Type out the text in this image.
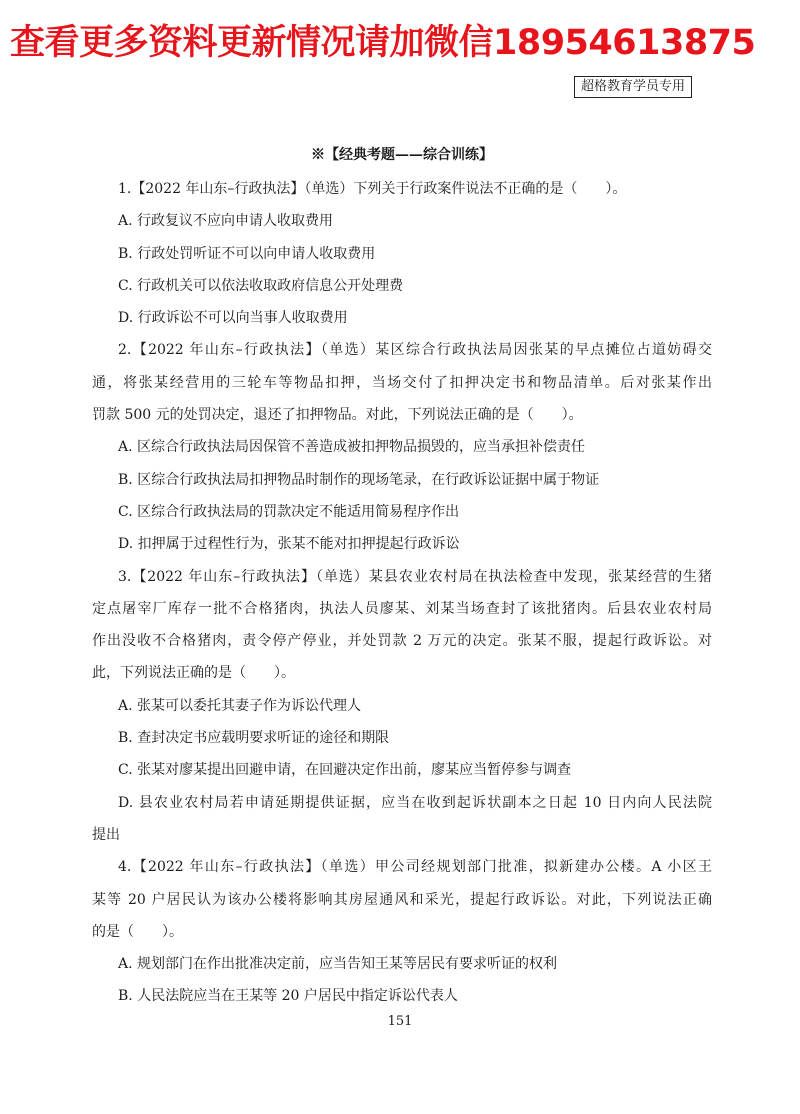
查看更多资料更新情况请加微信18954613875
超格教育学员专用

※【经典考题——综合训练】

1.【2022 年山东–行政执法】（单选）下列关于行政案件说法不正确的是（　　）。

A. 行政复议不应向申请人收取费用

B. 行政处罚听证不可以向申请人收取费用

C. 行政机关可以依法收取政府信息公开处理费

D. 行政诉讼不可以向当事人收取费用

2.【2022 年山东–行政执法】（单选）某区综合行政执法局因张某的早点摊位占道妨碍交

通，将张某经营用的三轮车等物品扣押，当场交付了扣押决定书和物品清单。后对张某作出

罚款 500 元的处罚决定，退还了扣押物品。对此，下列说法正确的是（　　）。

A. 区综合行政执法局因保管不善造成被扣押物品损毁的，应当承担补偿责任

B. 区综合行政执法局扣押物品时制作的现场笔录，在行政诉讼证据中属于物证

C. 区综合行政执法局的罚款决定不能适用简易程序作出

D. 扣押属于过程性行为，张某不能对扣押提起行政诉讼

3.【2022 年山东–行政执法】（单选）某县农业农村局在执法检查中发现，张某经营的生猪

定点屠宰厂库存一批不合格猪肉，执法人员廖某、刘某当场查封了该批猪肉。后县农业农村局

作出没收不合格猪肉，责令停产停业，并处罚款 2 万元的决定。张某不服，提起行政诉讼。对

此，下列说法正确的是（　　）。

A. 张某可以委托其妻子作为诉讼代理人

B. 查封决定书应载明要求听证的途径和期限

C. 张某对廖某提出回避申请，在回避决定作出前，廖某应当暂停参与调查

D. 县农业农村局若申请延期提供证据，应当在收到起诉状副本之日起 10 日内向人民法院

提出

4.【2022 年山东–行政执法】（单选）甲公司经规划部门批准，拟新建办公楼。A 小区王

某等 20 户居民认为该办公楼将影响其房屋通风和采光，提起行政诉讼。对此，下列说法正确

的是（　　）。

A. 规划部门在作出批准决定前，应当告知王某等居民有要求听证的权利

B. 人民法院应当在王某等 20 户居民中指定诉讼代表人

151
